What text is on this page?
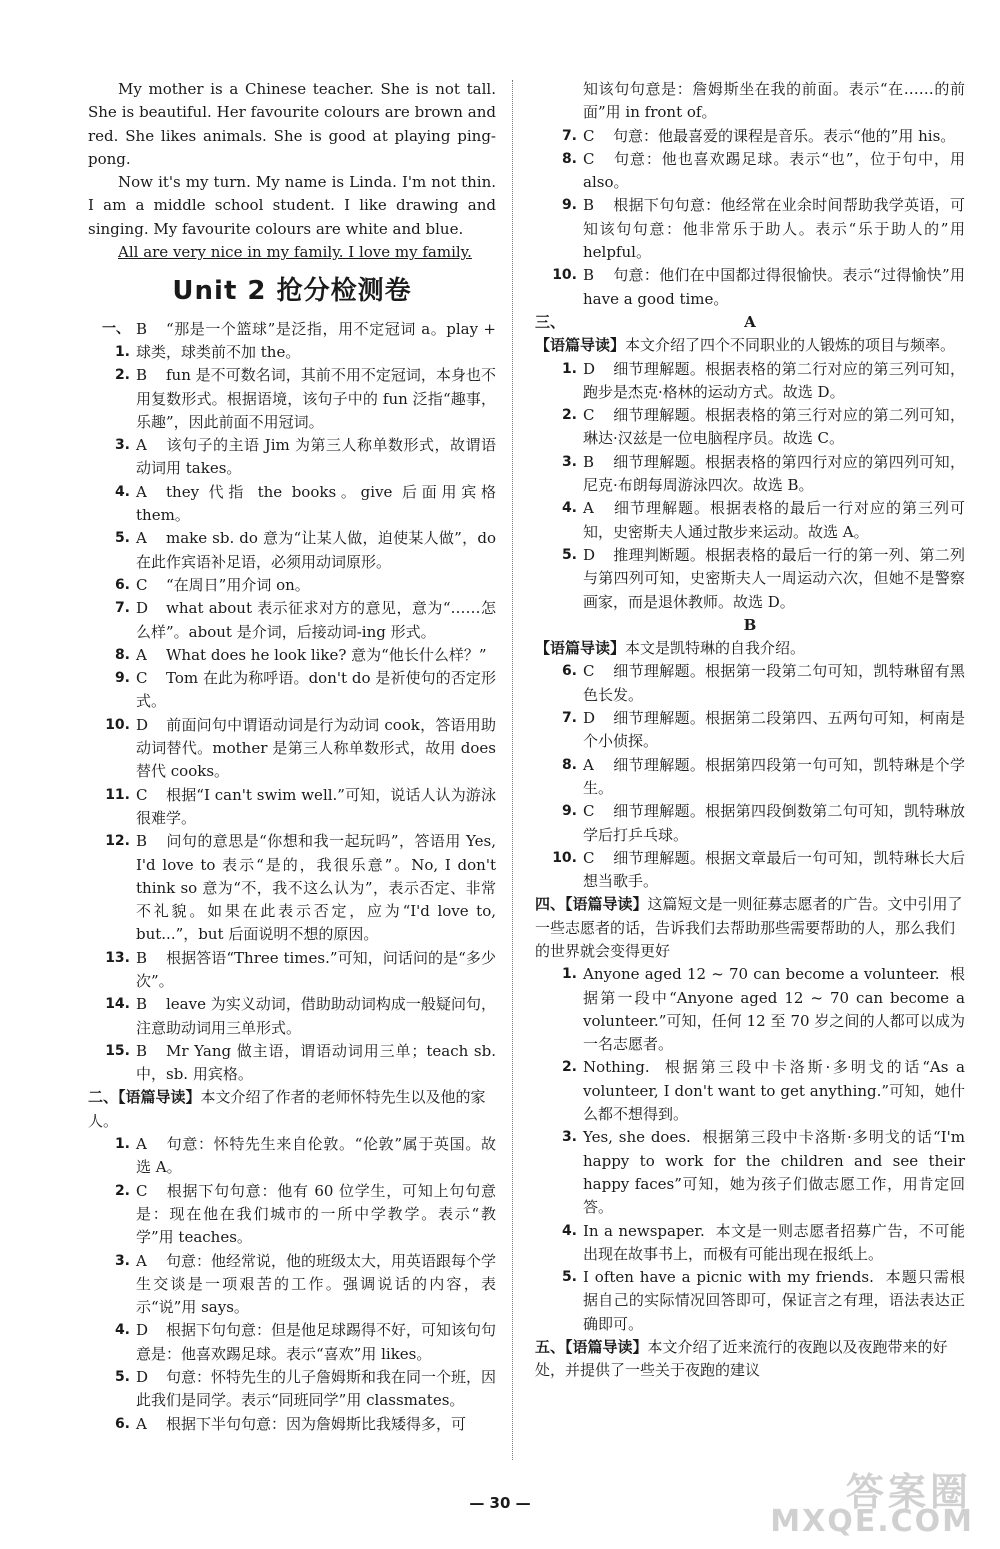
My mother is a Chinese teacher. She is not tall. She is beautiful. Her favourite colours are brown and red. She likes animals. She is good at playing ping-pong.

Now it's my turn. My name is Linda. I'm not thin. I am a middle school student. I like drawing and singing. My favourite colours are white and blue.

All are very nice in my family. I love my family.

Unit 2 抢分检测卷
一、1.
B “那是一个篮球”是泛指，用不定冠词 a。play + 球类，球类前不加 the。
2. B fun 是不可数名词，其前不用不定冠词，本身也不用复数形式。根据语境，该句子中的 fun 泛指“趣事，乐趣”，因此前面不用冠词。
3. A 该句子的主语 Jim 为第三人称单数形式，故谓语动词用 takes。
4. A they 代指 the books。give 后面用宾格 them。
5. A make sb. do 意为“让某人做，迫使某人做”，do 在此作宾语补足语，必须用动词原形。
6. C “在周日”用介词 on。
7. D what about 表示征求对方的意见，意为“……怎么样”。about 是介词，后接动词-ing 形式。
8. A What does he look like? 意为“他长什么样？”
9. C Tom 在此为称呼语。don't do 是祈使句的否定形式。
10. D 前面问句中谓语动词是行为动词 cook，答语用助动词替代。mother 是第三人称单数形式，故用 does 替代 cooks。
11. C 根据“I can't swim well.”可知，说话人认为游泳很难学。
12. B 问句的意思是“你想和我一起玩吗”，答语用 Yes, I'd love to 表示“是的，我很乐意”。No, I don't think so 意为“不，我不这么认为”，表示否定、非常不礼貌。如果在此表示否定，应为“I'd love to, but...”，but 后面说明不想的原因。
13. B 根据答语“Three times.”可知，问话问的是“多少次”。
14. B leave 为实义动词，借助助动词构成一般疑问句，注意助动词用三单形式。
15. B Mr Yang 做主语，谓语动词用三单；teach sb. 中，sb. 用宾格。

二、【语篇导读】本文介绍了作者的老师怀特先生以及他的家人。

1. A 句意：怀特先生来自伦敦。“伦敦”属于英国。故选 A。
2. C 根据下句句意：他有 60 位学生，可知上句句意是：现在他在我们城市的一所中学教学。表示“教学”用 teaches。
3. A 句意：他经常说，他的班级太大，用英语跟每个学生交谈是一项艰苦的工作。强调说话的内容，表示“说”用 says。
4. D 根据下句句意：但是他足球踢得不好，可知该句句意是：他喜欢踢足球。表示“喜欢”用 likes。
5. D 句意：怀特先生的儿子詹姆斯和我在同一个班，因此我们是同学。表示“同班同学”用 classmates。
6. A 根据下半句句意：因为詹姆斯比我矮得多，可
知该句句意是：詹姆斯坐在我的前面。表示“在……的前面”用 in front of。
7. C 句意：他最喜爱的课程是音乐。表示“他的”用 his。
8. C 句意：他也喜欢踢足球。表示“也”，位于句中，用 also。
9. B 根据下句句意：他经常在业余时间帮助我学英语，可知该句句意：他非常乐于助人。表示“乐于助人的”用 helpful。
10. B 句意：他们在中国都过得很愉快。表示“过得愉快”用 have a good time。
三、	A

【语篇导读】本文介绍了四个不同职业的人锻炼的项目与频率。

1. D 细节理解题。根据表格的第二行对应的第三列可知，跑步是杰克·格林的运动方式。故选 D。
2. C 细节理解题。根据表格的第三行对应的第二列可知，琳达·汉兹是一位电脑程序员。故选 C。
3. B 细节理解题。根据表格的第四行对应的第四列可知，尼克·布朗每周游泳四次。故选 B。
4. A 细节理解题。根据表格的最后一行对应的第三列可知，史密斯夫人通过散步来运动。故选 A。
5. D 推理判断题。根据表格的最后一行的第一列、第二列与第四列可知，史密斯夫人一周运动六次，但她不是警察画家，而是退休教师。故选 D。

B

【语篇导读】本文是凯特琳的自我介绍。

6. C 细节理解题。根据第一段第二句可知，凯特琳留有黑色长发。
7. D 细节理解题。根据第二段第四、五两句可知，柯南是个小侦探。
8. A 细节理解题。根据第四段第一句可知，凯特琳是个学生。
9. C 细节理解题。根据第四段倒数第二句可知，凯特琳放学后打乒乓球。
10. C 细节理解题。根据文章最后一句可知，凯特琳长大后想当歌手。

四、【语篇导读】这篇短文是一则征募志愿者的广告。文中引用了一些志愿者的话，告诉我们去帮助那些需要帮助的人，那么我们的世界就会变得更好

1. Anyone aged 12 ~ 70 can become a volunteer. 根据第一段中“Anyone aged 12 ~ 70 can become a volunteer.”可知，任何 12 至 70 岁之间的人都可以成为一名志愿者。
2. Nothing. 根据第三段中卡洛斯·多明戈的话“As a volunteer, I don't want to get anything.”可知，她什么都不想得到。
3. Yes, she does. 根据第三段中卡洛斯·多明戈的话“I'm happy to work for the children and see their happy faces”可知，她为孩子们做志愿工作，用肯定回答。
4. In a newspaper. 本文是一则志愿者招募广告，不可能出现在故事书上，而极有可能出现在报纸上。
5. I often have a picnic with my friends. 本题只需根据自己的实际情况回答即可，保证言之有理，语法表达正确即可。

五、【语篇导读】本文介绍了近来流行的夜跑以及夜跑带来的好处，并提供了一些关于夜跑的建议

— 30 —	答案圈
MXQE.COM
